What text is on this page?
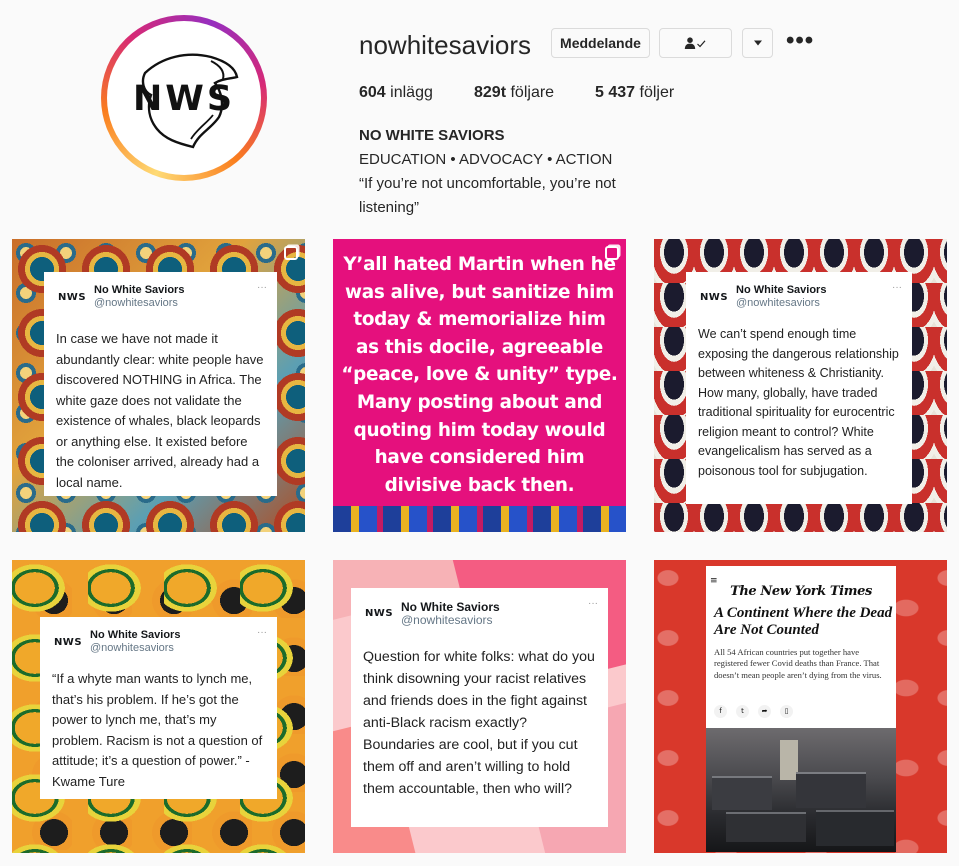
NWS
nowhitesaviors	Meddelande	•••
604 inlägg	829t följare	5 437 följer
NO WHITE SAVIORS
EDUCATION • ADVOCACY • ACTION
“If you’re not uncomfortable, you’re not listening”
NWS
No White Saviors
@nowhitesaviors
···
In case we have not made it abundantly clear: white people have discovered NOTHING in Africa. The white gaze does not validate the existence of whales, black leopards or anything else. It existed before the coloniser arrived, already had a local name.
Y’all hated Martin when he was alive, but sanitize him today & memorialize him as this docile, agreeable “peace, love & unity” type. Many posting about and quoting him today would have considered him divisive back then.
NWS
No White Saviors
@nowhitesaviors
···
We can’t spend enough time exposing the dangerous relationship between whiteness & Christianity. How many, globally, have traded traditional spirituality for eurocentric religion meant to control? White evangelicalism has served as a poisonous tool for subjugation.
NWS
No White Saviors
@nowhitesaviors
···
“If a whyte man wants to lynch me, that’s his problem. If he’s got the power to lynch me, that’s my problem. Racism is not a question of attitude; it’s a question of power.” - Kwame Ture
NWS No White Saviors
@nowhitesaviors
···
Question for white folks: what do you think disowning your racist relatives and friends does in the fight against anti-Black racism exactly? Boundaries are cool, but if you cut them off and aren’t willing to hold them accountable, then who will?
≡
The New York Times
A Continent Where the Dead Are Not Counted
All 54 African countries put together have registered fewer Covid deaths than France. That doesn’t mean people aren’t dying from the virus.
f	t	➦	▯
